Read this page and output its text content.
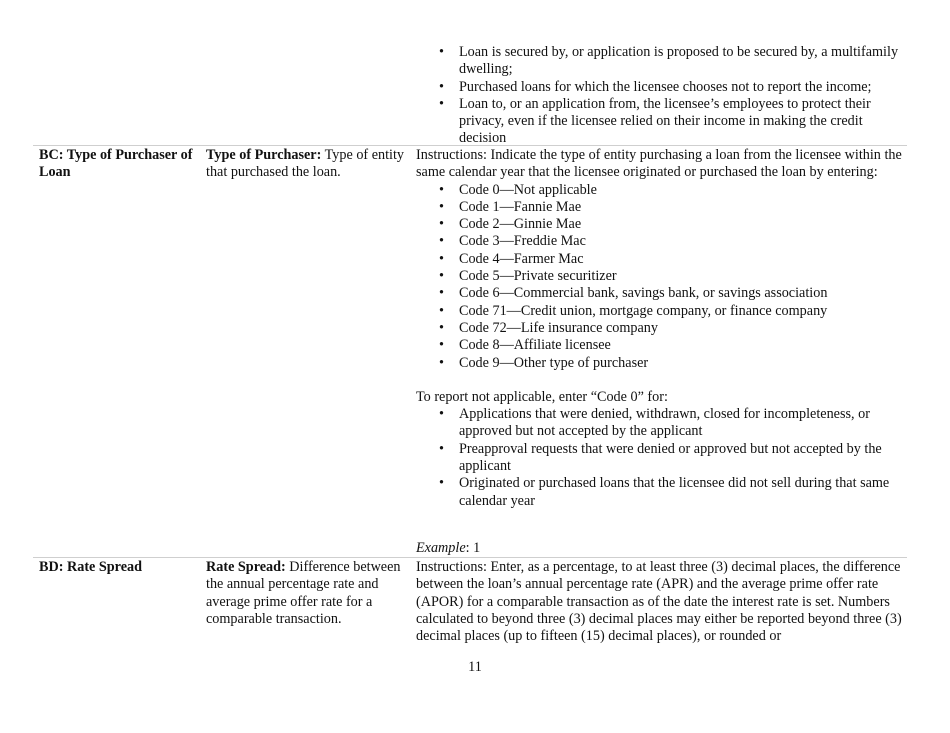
• Loan is secured by, or application is proposed to be secured by, a multifamily dwelling;
• Purchased loans for which the licensee chooses not to report the income;
• Loan to, or an application from, the licensee’s employees to protect their privacy, even if the licensee relied on their income in making the credit decision
BC: Type of Purchaser of Loan
Type of Purchaser: Type of entity that purchased the loan.
Instructions: Indicate the type of entity purchasing a loan from the licensee within the same calendar year that the licensee originated or purchased the loan by entering:
• Code 0—Not applicable
• Code 1—Fannie Mae
• Code 2—Ginnie Mae
• Code 3—Freddie Mac
• Code 4—Farmer Mac
• Code 5—Private securitizer
• Code 6—Commercial bank, savings bank, or savings association
• Code 71—Credit union, mortgage company, or finance company
• Code 72—Life insurance company
• Code 8—Affiliate licensee
• Code 9—Other type of purchaser
To report not applicable, enter “Code 0” for:
• Applications that were denied, withdrawn, closed for incompleteness, or approved but not accepted by the applicant
• Preapproval requests that were denied or approved but not accepted by the applicant
• Originated or purchased loans that the licensee did not sell during that same calendar year
Example: 1
BD: Rate Spread	Rate Spread: Difference between the annual percentage rate and average prime offer rate for a comparable transaction.
Instructions: Enter, as a percentage, to at least three (3) decimal places, the difference between the loan’s annual percentage rate (APR) and the average prime offer rate (APOR) for a comparable transaction as of the date the interest rate is set. Numbers calculated to beyond three (3) decimal places may either be reported beyond three (3) decimal places (up to fifteen (15) decimal places), or rounded or
11
